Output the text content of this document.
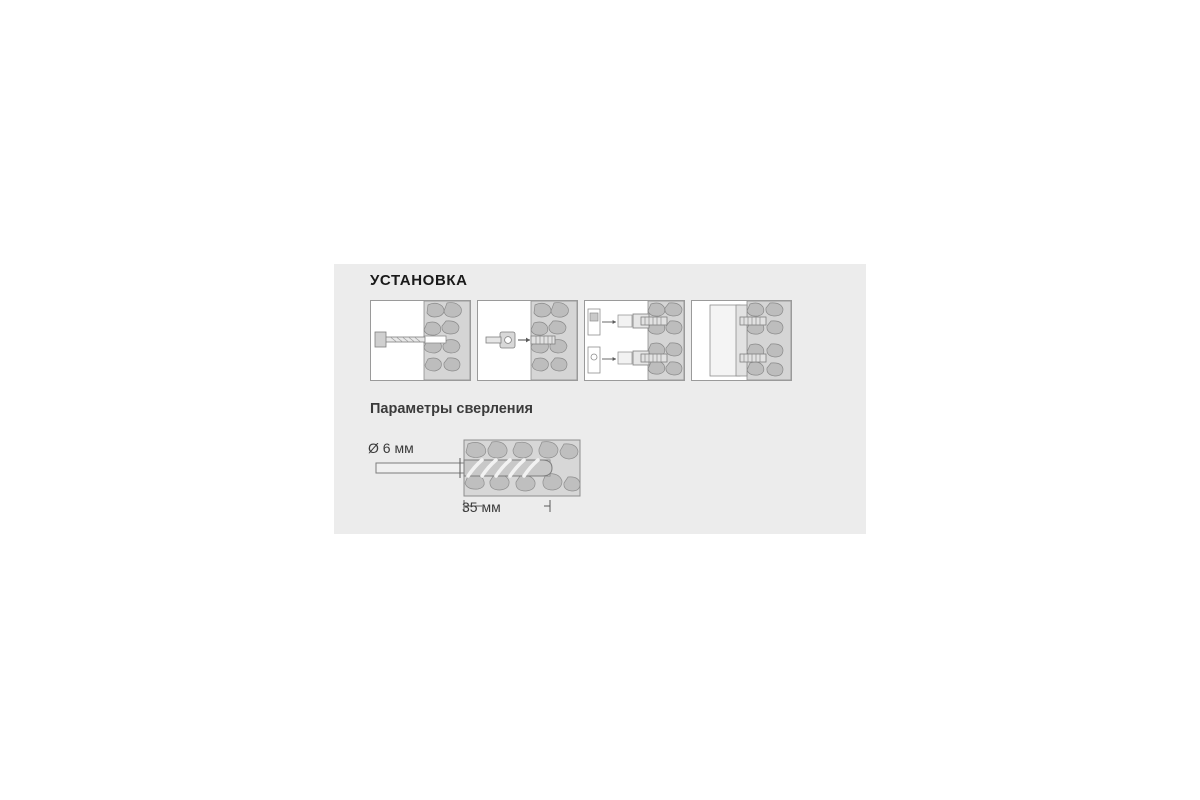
УСТАНОВКА
Параметры сверления
Ø 6 мм
35 мм
